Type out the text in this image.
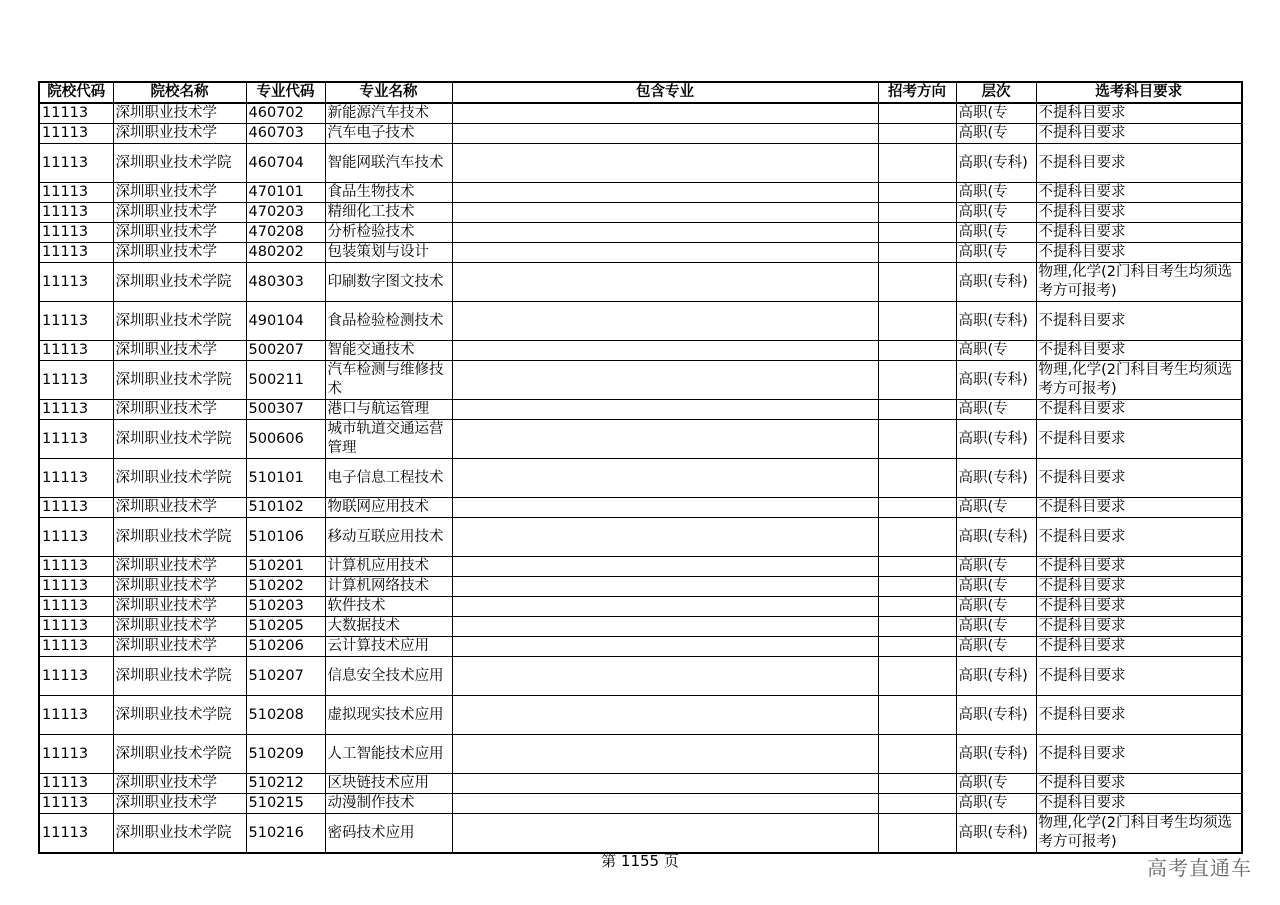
院校代码	院校名称	专业代码	专业名称	包含专业	招考方向	层次	选考科目要求
11113	深圳职业技术学	460702	新能源汽车技术			高职(专	不提科目要求
11113	深圳职业技术学	460703	汽车电子技术			高职(专	不提科目要求
11113	深圳职业技术学院	460704	智能网联汽车技术			高职(专科)	不提科目要求
11113	深圳职业技术学	470101	食品生物技术			高职(专	不提科目要求
11113	深圳职业技术学	470203	精细化工技术			高职(专	不提科目要求
11113	深圳职业技术学	470208	分析检验技术			高职(专	不提科目要求
11113	深圳职业技术学	480202	包装策划与设计			高职(专	不提科目要求
11113	深圳职业技术学院	480303	印刷数字图文技术			高职(专科)	物理,化学(2门科目考生均须选考方可报考)
11113	深圳职业技术学院	490104	食品检验检测技术			高职(专科)	不提科目要求
11113	深圳职业技术学	500207	智能交通技术			高职(专	不提科目要求
11113	深圳职业技术学院	500211	汽车检测与维修技术			高职(专科)	物理,化学(2门科目考生均须选考方可报考)
11113	深圳职业技术学	500307	港口与航运管理			高职(专	不提科目要求
11113	深圳职业技术学院	500606	城市轨道交通运营管理			高职(专科)	不提科目要求
11113	深圳职业技术学院	510101	电子信息工程技术			高职(专科)	不提科目要求
11113	深圳职业技术学	510102	物联网应用技术			高职(专	不提科目要求
11113	深圳职业技术学院	510106	移动互联应用技术			高职(专科)	不提科目要求
11113	深圳职业技术学	510201	计算机应用技术			高职(专	不提科目要求
11113	深圳职业技术学	510202	计算机网络技术			高职(专	不提科目要求
11113	深圳职业技术学	510203	软件技术			高职(专	不提科目要求
11113	深圳职业技术学	510205	大数据技术			高职(专	不提科目要求
11113	深圳职业技术学	510206	云计算技术应用			高职(专	不提科目要求
11113	深圳职业技术学院	510207	信息安全技术应用			高职(专科)	不提科目要求
11113	深圳职业技术学院	510208	虚拟现实技术应用			高职(专科)	不提科目要求
11113	深圳职业技术学院	510209	人工智能技术应用			高职(专科)	不提科目要求
11113	深圳职业技术学	510212	区块链技术应用			高职(专	不提科目要求
11113	深圳职业技术学	510215	动漫制作技术			高职(专	不提科目要求
11113	深圳职业技术学院	510216	密码技术应用			高职(专科)	物理,化学(2门科目考生均须选考方可报考)
第 1155 页	高考直通车
